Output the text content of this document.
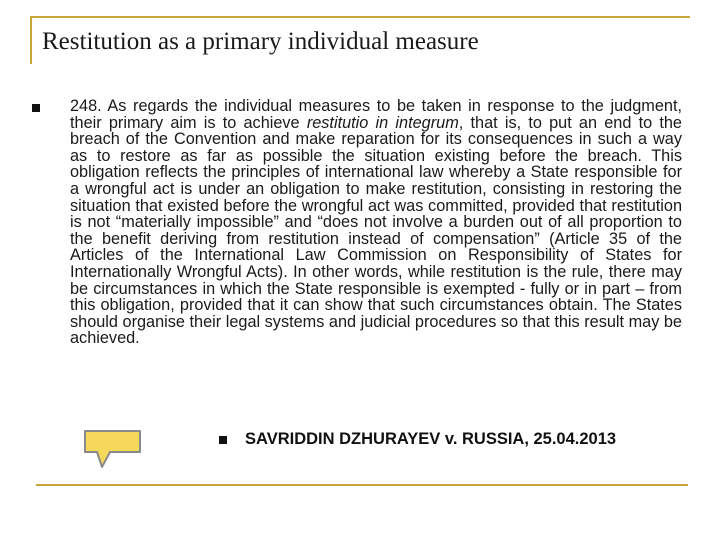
Restitution as a primary individual measure
248. As regards the individual measures to be taken in response to the judgment, their primary aim is to achieve restitutio in integrum, that is, to put an end to the breach of the Convention and make reparation for its consequences in such a way as to restore as far as possible the situation existing before the breach. This obligation reflects the principles of international law whereby a State responsible for a wrongful act is under an obligation to make restitution, consisting in restoring the situation that existed before the wrongful act was committed, provided that restitution is not “materially impossible” and “does not involve a burden out of all proportion to the benefit deriving from restitution instead of compensation” (Article 35 of the Articles of the International Law Commission on Responsibility of States for Internationally Wrongful Acts). In other words, while restitution is the rule, there may be circumstances in which the State responsible is exempted - fully or in part – from this obligation, provided that it can show that such circumstances obtain. The States should organise their legal systems and judicial procedures so that this result may be achieved.
SAVRIDDIN DZHURAYEV v. RUSSIA, 25.04.2013
